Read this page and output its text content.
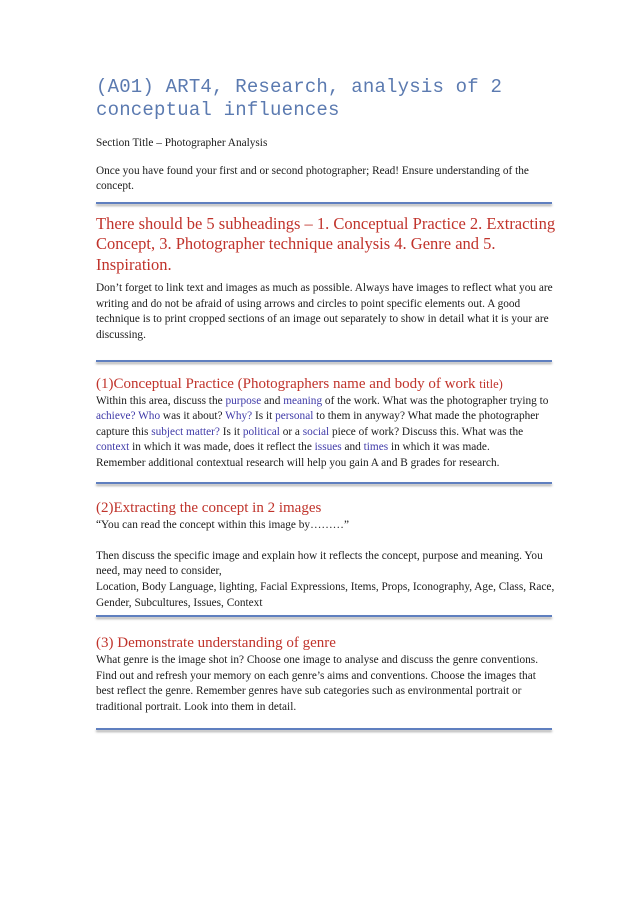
(A01) ART4, Research, analysis of 2 conceptual influences

Section Title – Photographer Analysis

Once you have found your first and or second photographer; Read! Ensure understanding of the concept.

There should be 5 subheadings – 1. Conceptual Practice 2. Extracting Concept, 3. Photographer technique analysis 4. Genre and 5. Inspiration.

Don’t forget to link text and images as much as possible. Always have images to reflect what you are writing and do not be afraid of using arrows and circles to point specific elements out. A good technique is to print cropped sections of an image out separately to show in detail what it is your are discussing.

(1)Conceptual Practice (Photographers name and body of work title)

Within this area, discuss the purpose and meaning of the work. What was the photographer trying to achieve? Who was it about? Why? Is it personal to them in anyway? What made the photographer capture this subject matter? Is it political or a social piece of work? Discuss this. What was the context in which it was made, does it reflect the issues and times in which it was made.

Remember additional contextual research will help you gain A and B grades for research.

(2)Extracting the concept in 2 images

“You can read the concept within this image by………”

Then discuss the specific image and explain how it reflects the concept, purpose and meaning. You need, may need to consider,

Location, Body Language, lighting, Facial Expressions, Items, Props, Iconography, Age, Class, Race, Gender, Subcultures, Issues, Context

(3) Demonstrate understanding of genre

What genre is the image shot in? Choose one image to analyse and discuss the genre conventions. Find out and refresh your memory on each genre’s aims and conventions. Choose the images that best reflect the genre. Remember genres have sub categories such as environmental portrait or traditional portrait. Look into them in detail.
